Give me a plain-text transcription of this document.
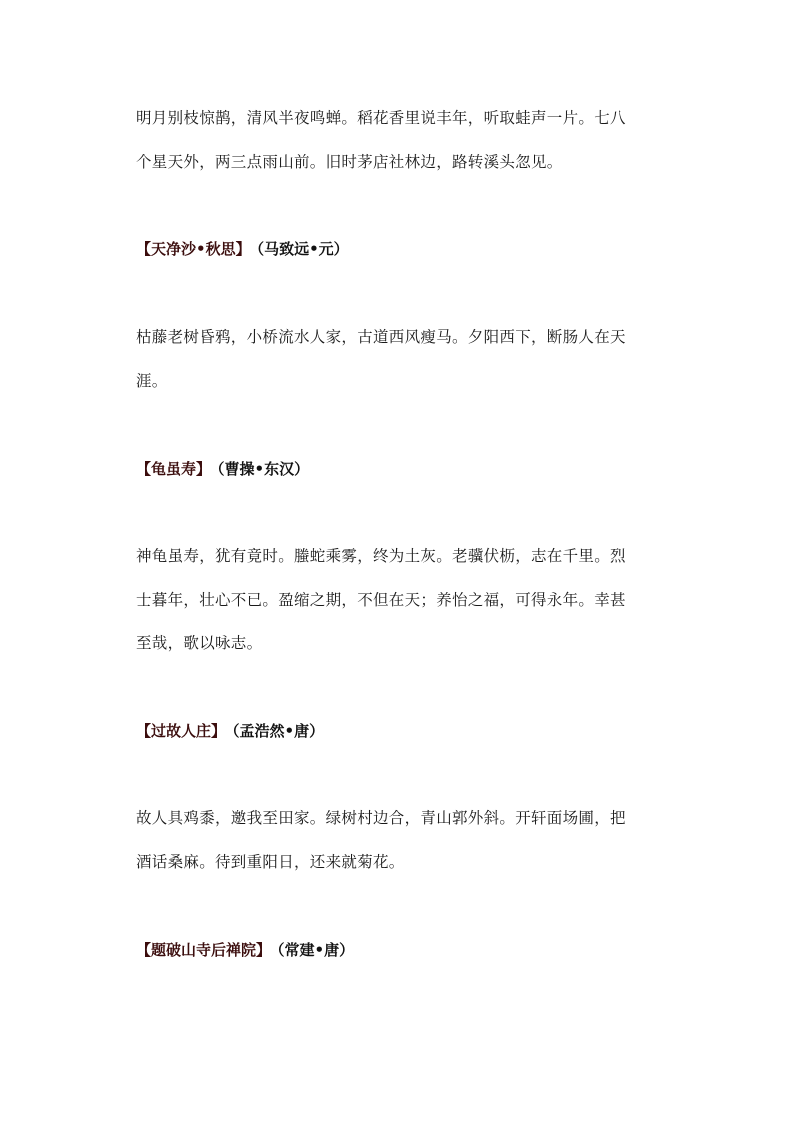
明月别枝惊鹊，清风半夜鸣蝉。稻花香里说丰年，听取蛙声一片。七八
个星天外，两三点雨山前。旧时茅店社林边，路转溪头忽见。
【天净沙•秋思】 （马致远•元）
枯藤老树昏鸦，小桥流水人家，古道西风瘦马。夕阳西下，断肠人在天
涯。
【龟虽寿】 （曹操•东汉）
神龟虽寿，犹有竟时。螣蛇乘雾，终为土灰。老骥伏枥，志在千里。烈
士暮年，壮心不已。盈缩之期，不但在天；养怡之福，可得永年。幸甚
至哉，歌以咏志。
【过故人庄】 （孟浩然•唐）
故人具鸡黍，邀我至田家。绿树村边合，青山郭外斜。开轩面场圃，把
酒话桑麻。待到重阳日，还来就菊花。
【题破山寺后禅院】 （常建•唐）
